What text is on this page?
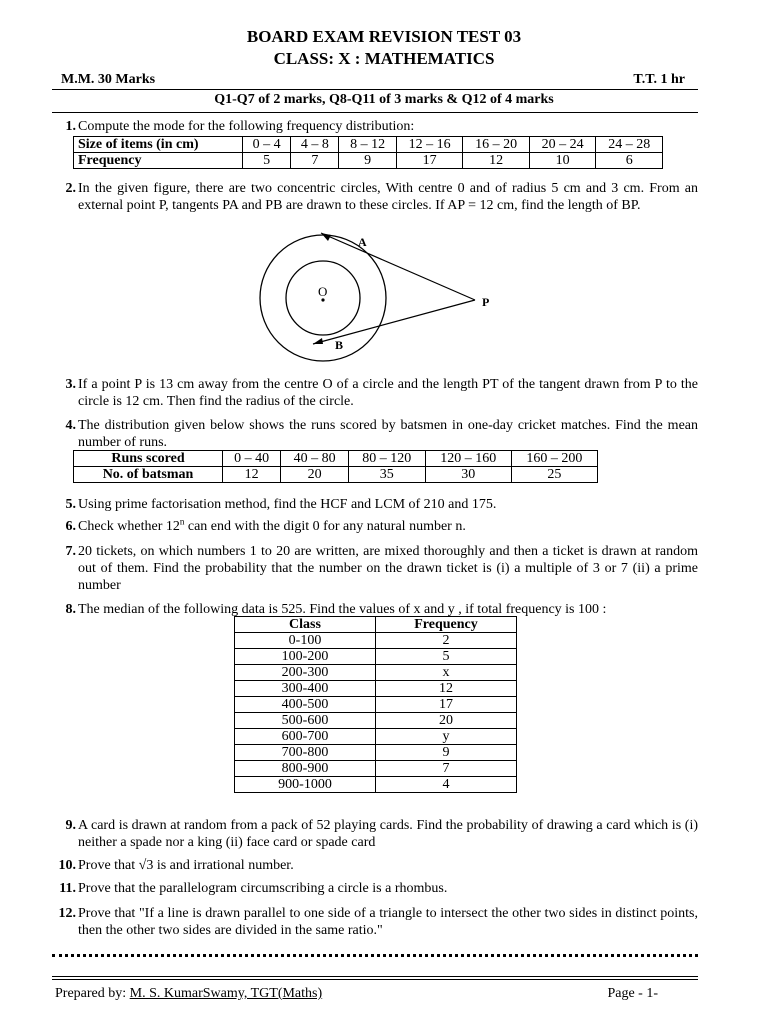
BOARD EXAM REVISION TEST 03
CLASS: X : MATHEMATICS
M.M. 30 Marks	T.T. 1 hr
Q1-Q7 of 2 marks, Q8-Q11 of 3 marks & Q12 of 4 marks
1. Compute the mode for the following frequency distribution:
Size of items (in cm)	0 – 4	4 – 8	8 – 12	12 – 16	16 – 20	20 – 24	24 – 28
Frequency	5	7	9	17	12	10	6
2. In the given figure, there are two concentric circles, With centre 0 and of radius 5 cm and 3 cm. From an external point P, tangents PA and PB are drawn to these circles. If AP = 12 cm, find the length of BP.
O
A
B
P
3. If a point P is 13 cm away from the centre O of a circle and the length PT of the tangent drawn from P to the circle is 12 cm. Then find the radius of the circle.
4. The distribution given below shows the runs scored by batsmen in one-day cricket matches. Find the mean number of runs.
Runs scored	0 – 40	40 – 80	80 – 120	120 – 160	160 – 200
No. of batsman	12	20	35	30	25
5. Using prime factorisation method, find the HCF and LCM of 210 and 175.
6. Check whether 12$^n$ can end with the digit 0 for any natural number n.
7. 20 tickets, on which numbers 1 to 20 are written, are mixed thoroughly and then a ticket is drawn at random out of them. Find the probability that the number on the drawn ticket is (i) a multiple of 3 or 7 (ii) a prime number
8. The median of the following data is 525. Find the values of x and y , if total frequency is 100 :
Class	Frequency
0-100	2
100-200	5
200-300	x
300-400	12
400-500	17
500-600	20
600-700	y
700-800	9
800-900	7
900-1000	4
9. A card is drawn at random from a pack of 52 playing cards. Find the probability of drawing a card which is (i) neither a spade nor a king (ii) face card or spade card
10. Prove that √3 is and irrational number.
11. Prove that the parallelogram circumscribing a circle is a rhombus.
12. Prove that "If a line is drawn parallel to one side of a triangle to intersect the other two sides in distinct points, then the other two sides are divided in the same ratio."
Prepared by: M. S. KumarSwamy, TGT(Maths)	Page - 1-
